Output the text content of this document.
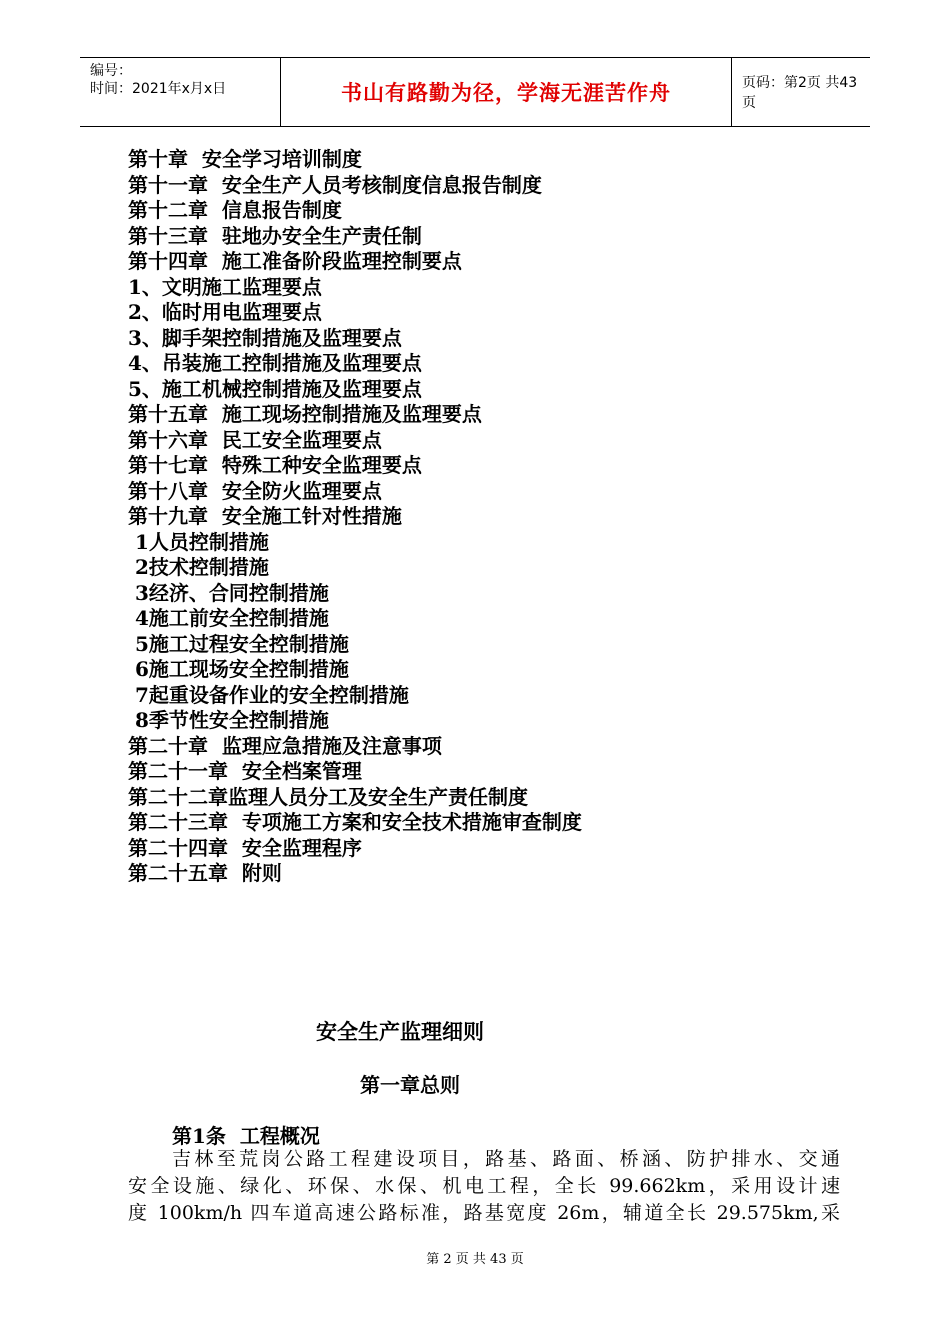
编号：
时间：2021年x月x日	书山有路勤为径，学海无涯苦作舟	页码：第2页 共43页
第十章  安全学习培训制度
第十一章  安全生产人员考核制度信息报告制度
第十二章  信息报告制度
第十三章  驻地办安全生产责任制
第十四章  施工准备阶段监理控制要点
1、文明施工监理要点
2、临时用电监理要点
3、脚手架控制措施及监理要点
4、吊装施工控制措施及监理要点
5、施工机械控制措施及监理要点
第十五章  施工现场控制措施及监理要点
第十六章  民工安全监理要点
第十七章  特殊工种安全监理要点
第十八章  安全防火监理要点
第十九章  安全施工针对性措施
1人员控制措施
2技术控制措施
3经济、合同控制措施
4施工前安全控制措施
5施工过程安全控制措施
6施工现场安全控制措施
7起重设备作业的安全控制措施
8季节性安全控制措施
第二十章  监理应急措施及注意事项
第二十一章  安全档案管理
第二十二章监理人员分工及安全生产责任制度
第二十三章  专项施工方案和安全技术措施审查制度
第二十四章  安全监理程序
第二十五章  附则
安全生产监理细则
第一章总则
第1条  工程概况
吉林至荒岗公路工程建设项目，路基、路面、桥涵、防护排水、交通
安全设施、绿化、环保、水保、机电工程，全长 99.662km，采用设计速
度 100km/h 四车道高速公路标准，路基宽度 26m，辅道全长 29.575km,采
第 2 页 共 43 页
